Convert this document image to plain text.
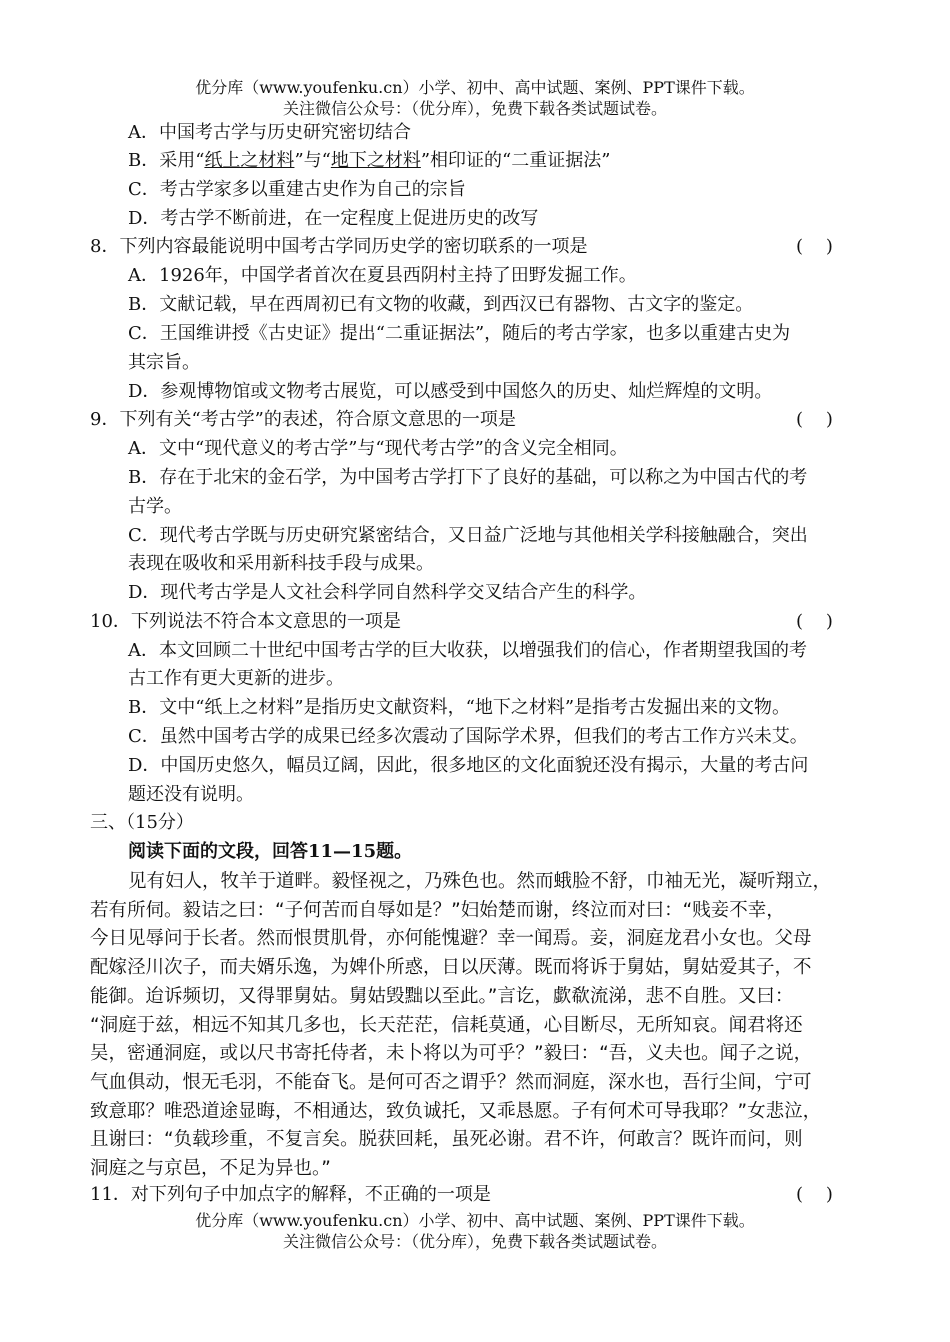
优分库（www.youfenku.cn）小学、初中、高中试题、案例、PPT课件下载。
关注微信公众号：（优分库），免费下载各类试题试卷。
A．中国考古学与历史研究密切结合
B．采用“纸上之材料”与“地下之材料”相印证的“二重证据法”
C．考古学家多以重建古史作为自己的宗旨
D．考古学不断前进，在一定程度上促进历史的改写
8．下列内容最能说明中国考古学同历史学的密切联系的一项是	(    )
A．1926年，中国学者首次在夏县西阴村主持了田野发掘工作。
B．文献记载，早在西周初已有文物的收藏，到西汉已有器物、古文字的鉴定。
C．王国维讲授《古史证》提出“二重证据法”，随后的考古学家，也多以重建古史为
其宗旨。
D．参观博物馆或文物考古展览，可以感受到中国悠久的历史、灿烂辉煌的文明。
9．下列有关“考古学”的表述，符合原文意思的一项是	(    )
A．文中“现代意义的考古学”与“现代考古学”的含义完全相同。
B．存在于北宋的金石学，为中国考古学打下了良好的基础，可以称之为中国古代的考
古学。
C．现代考古学既与历史研究紧密结合，又日益广泛地与其他相关学科接触融合，突出
表现在吸收和采用新科技手段与成果。
D．现代考古学是人文社会科学同自然科学交叉结合产生的科学。
10．下列说法不符合本文意思的一项是	(    )
A．本文回顾二十世纪中国考古学的巨大收获，以增强我们的信心，作者期望我国的考
古工作有更大更新的进步。
B．文中“纸上之材料”是指历史文献资料，“地下之材料”是指考古发掘出来的文物。
C．虽然中国考古学的成果已经多次震动了国际学术界，但我们的考古工作方兴未艾。
D．中国历史悠久，幅员辽阔，因此，很多地区的文化面貌还没有揭示，大量的考古问
题还没有说明。
三、（15分）
阅读下面的文段，回答11—15题。
见有妇人，牧羊于道畔。毅怪视之，乃殊色也。然而蛾脸不舒，巾袖无光，凝听翔立，
若有所伺。毅诘之曰：“子何苦而自辱如是？”妇始楚而谢，终泣而对曰：“贱妾不幸，
今日见辱问于长者。然而恨贯肌骨，亦何能愧避？幸一闻焉。妾，洞庭龙君小女也。父母
配嫁泾川次子，而夫婿乐逸，为婢仆所惑，日以厌薄。既而将诉于舅姑，舅姑爱其子，不
能御。迨诉频切，又得罪舅姑。舅姑毁黜以至此。”言讫，歔欷流涕，悲不自胜。又曰：
“洞庭于兹，相远不知其几多也，长天茫茫，信耗莫通，心目断尽，无所知哀。闻君将还
吴，密通洞庭，或以尺书寄托侍者，未卜将以为可乎？”毅曰：“吾，义夫也。闻子之说，
气血俱动，恨无毛羽，不能奋飞。是何可否之谓乎？然而洞庭，深水也，吾行尘间，宁可
致意耶？唯恐道途显晦，不相通达，致负诚托，又乖恳愿。子有何术可导我耶？”女悲泣，
且谢曰：“负载珍重，不复言矣。脱获回耗，虽死必谢。君不许，何敢言？既许而问，则
洞庭之与京邑，不足为异也。”
11．对下列句子中加点字的解释，不正确的一项是	(    )
优分库（www.youfenku.cn）小学、初中、高中试题、案例、PPT课件下载。
关注微信公众号：（优分库），免费下载各类试题试卷。
